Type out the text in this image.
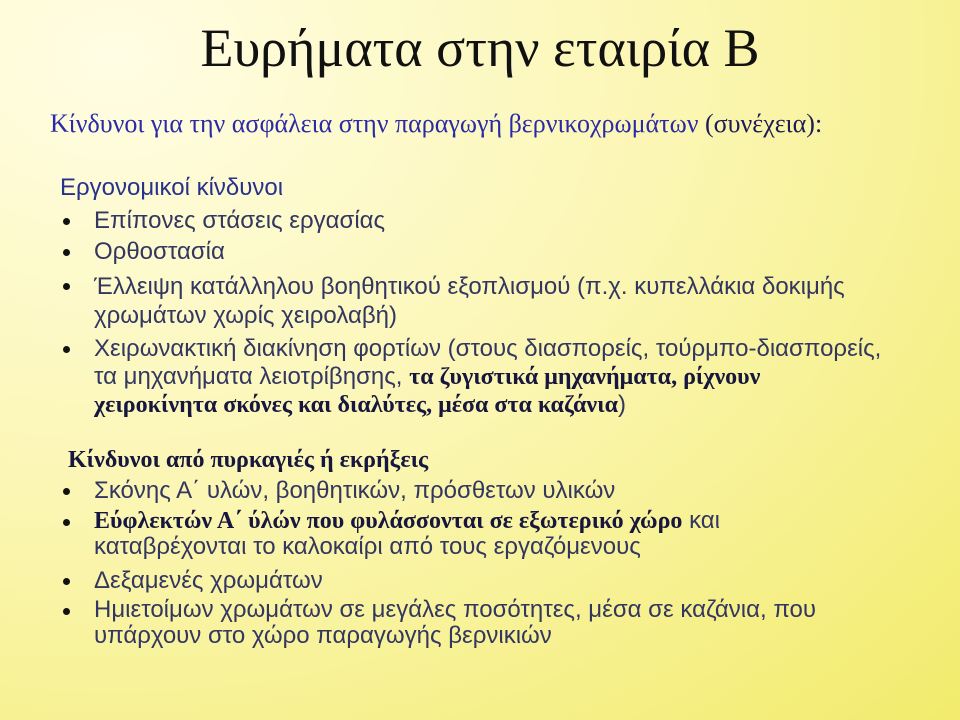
Ευρήματα στην εταιρία Β
Κίνδυνοι για την ασφάλεια στην παραγωγή βερνικοχρωμάτων (συνέχεια):
Εργονομικοί κίνδυνοι
Επίπονες στάσεις εργασίας
Ορθοστασία
Έλλειψη κατάλληλου βοηθητικού εξοπλισμού (π.χ. κυπελλάκια δοκιμής
χρωμάτων χωρίς χειρολαβή)
Χειρωνακτική διακίνηση φορτίων (στους διασπορείς, τούρμπο-διασπορείς,
τα μηχανήματα λειοτρίβησης, τα ζυγιστικά μηχανήματα, ρίχνουν
χειροκίνητα σκόνες και διαλύτες, μέσα στα καζάνια)
Κίνδυνοι από πυρκαγιές ή εκρήξεις
Σκόνης Α΄ υλών, βοηθητικών, πρόσθετων υλικών
Εύφλεκτών Α΄ ύλών που φυλάσσονται σε εξωτερικό χώρο και
καταβρέχονται το καλοκαίρι από τους εργαζόμενους
Δεξαμενές χρωμάτων
Ημιετοίμων χρωμάτων σε μεγάλες ποσότητες, μέσα σε καζάνια, που
υπάρχουν στο χώρο παραγωγής βερνικιών
